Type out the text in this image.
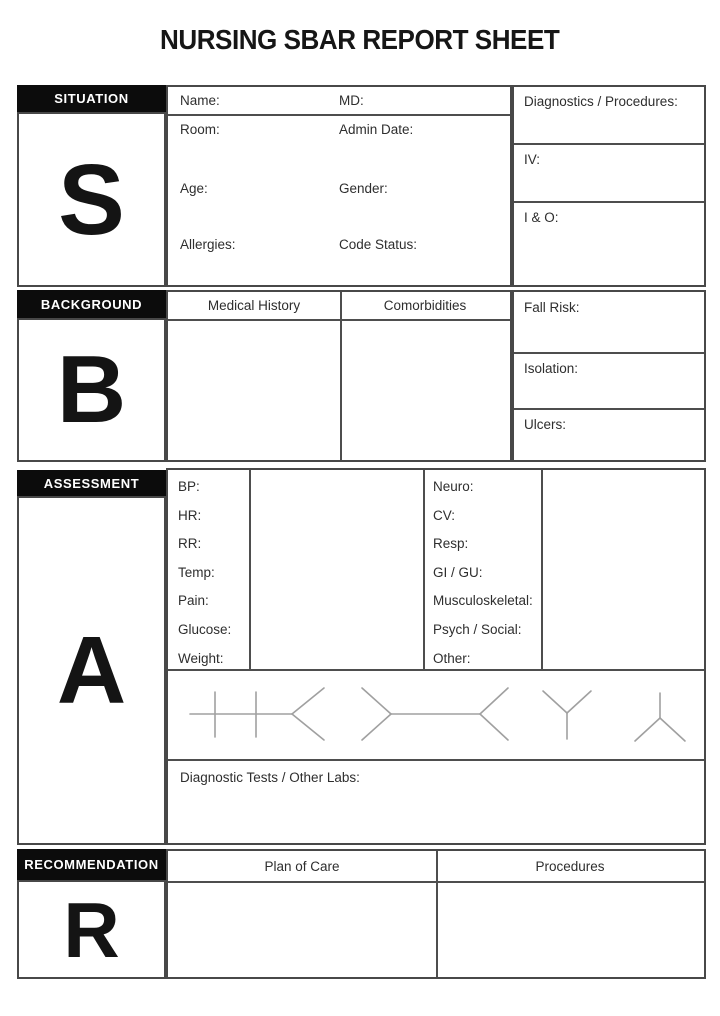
NURSING SBAR REPORT SHEET
SITUATION
S
Name:	MD:
Room:	Admin Date:
Age:	Gender:
Allergies:	Code Status:
Diagnostics / Procedures:
IV:
I & O:
BACKGROUND
B
Medical History	Comorbidities	Fall Risk:
Isolation:
Ulcers:
ASSESSMENT
A
BP:
HR:
RR:
Temp:
Pain:
Glucose:
Weight:
Neuro:
CV:
Resp:
GI / GU:
Musculoskeletal:
Psych / Social:
Other:
Diagnostic Tests / Other Labs:
RECOMMENDATION
R
Plan of Care	Procedures
